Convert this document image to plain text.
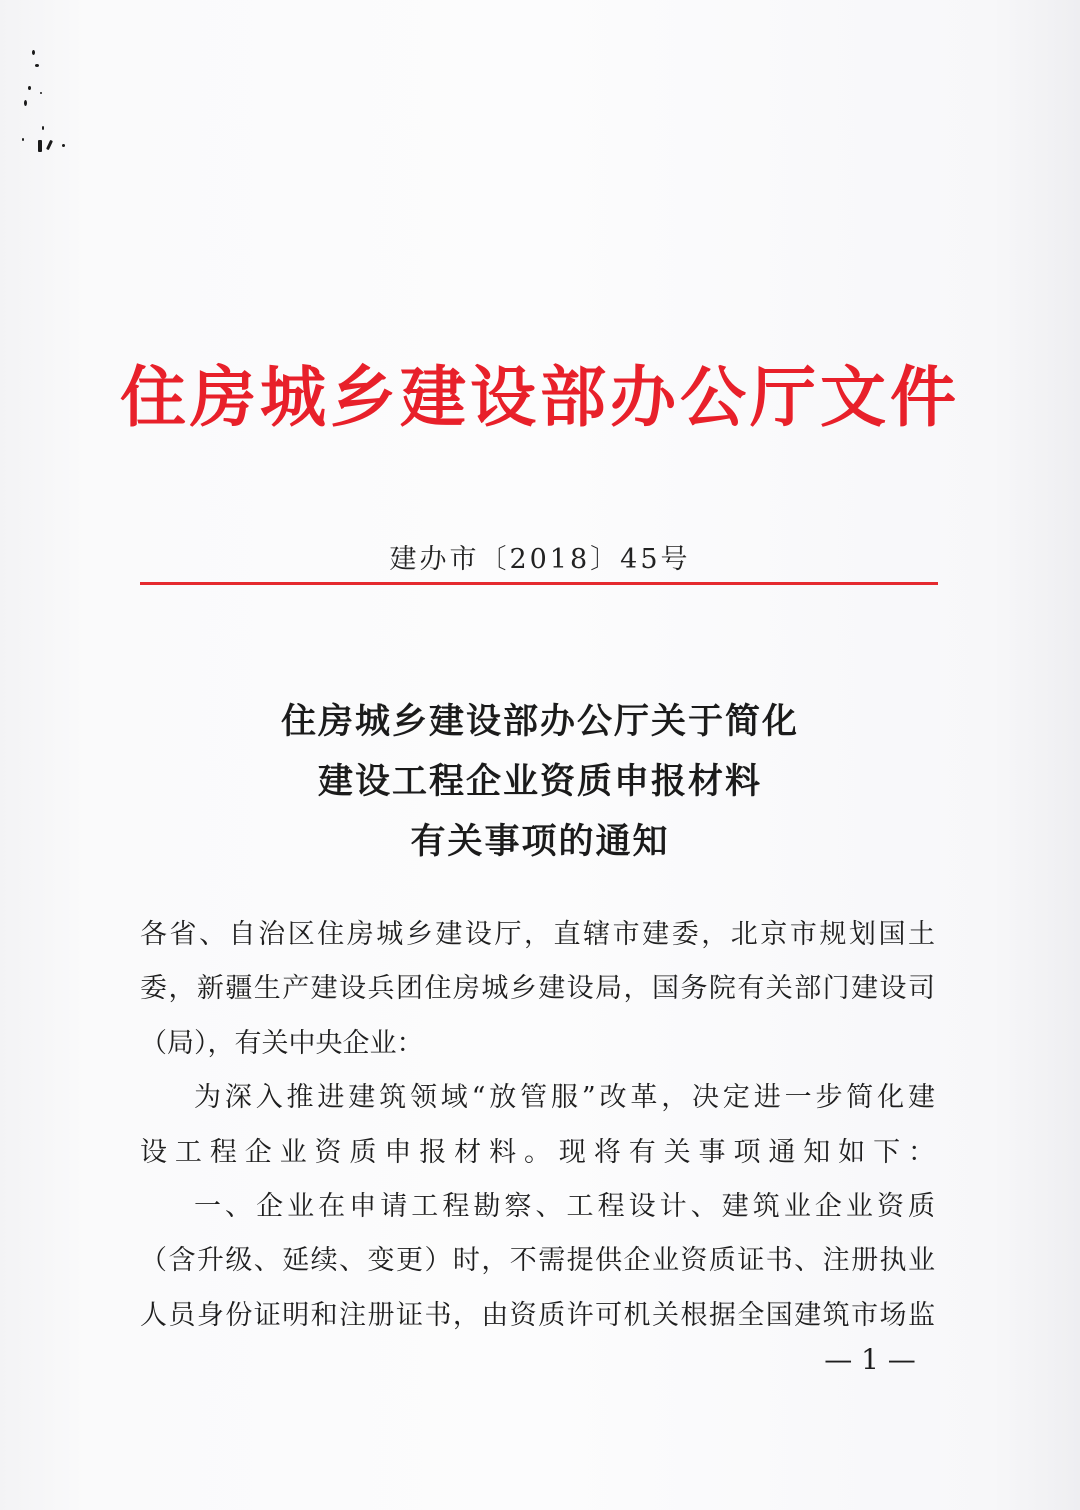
住房城乡建设部办公厅文件
建办市〔2018〕45号
住房城乡建设部办公厅关于简化
建设工程企业资质申报材料
有关事项的通知
各省、自治区住房城乡建设厅，直辖市建委，北京市规划国土
委，新疆生产建设兵团住房城乡建设局，国务院有关部门建设司
（局），有关中央企业：
为深入推进建筑领域“放管服”改革，决定进一步简化建
设工程企业资质申报材料。现将有关事项通知如下：
一、企业在申请工程勘察、工程设计、建筑业企业资质
（含升级、延续、变更）时，不需提供企业资质证书、注册执业
人员身份证明和注册证书，由资质许可机关根据全国建筑市场监
— 1 —
